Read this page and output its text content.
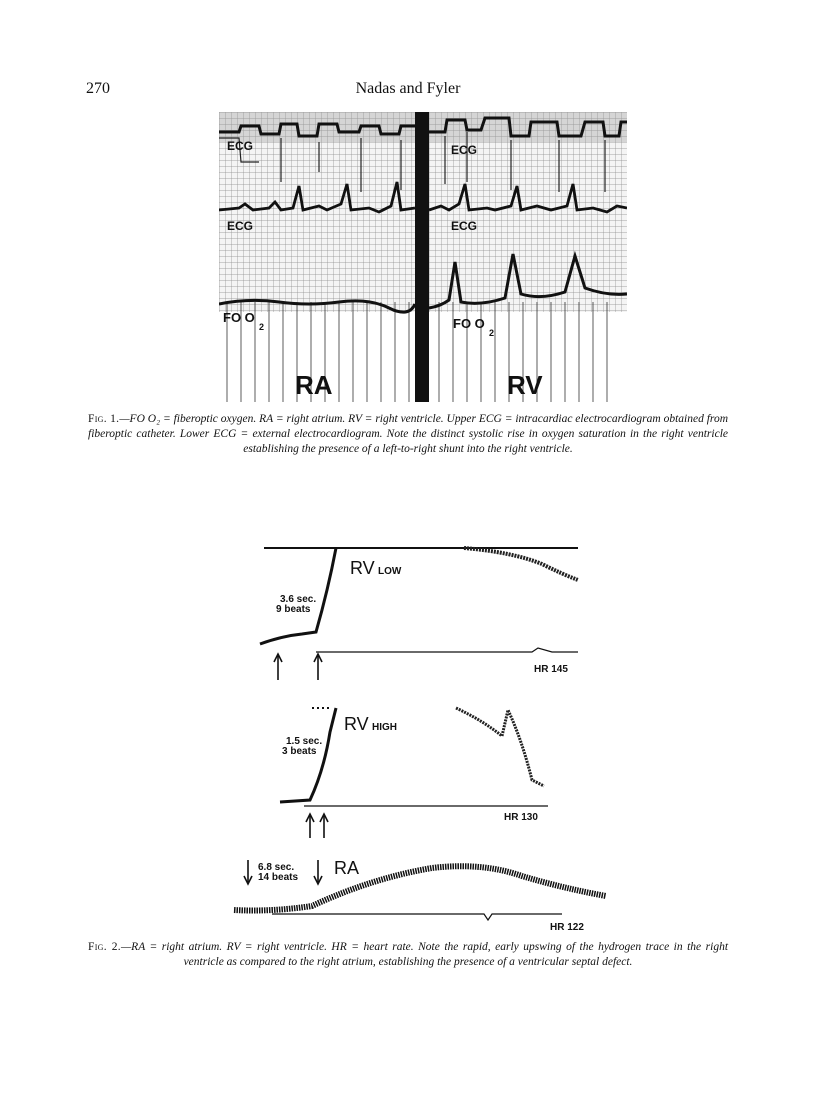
270	Nadas and Fyler
ECG
ECG
FO O
2
ECG
ECG
FO O
2
RA	RV
Fig. 1.—FO O₂ = fiberoptic oxygen. RA = right atrium. RV = right ventricle. Upper ECG = intracardiac electrocardiogram obtained from fiberoptic catheter. Lower ECG = external electrocardiogram. Note the distinct systolic rise in oxygen saturation in the right ventricle establishing the presence of a left-to-right shunt into the right ventricle.
RV LOW
3.6 sec.
9 beats
HR 145
RV HIGH
1.5 sec.
3 beats
HR 130
RA
6.8 sec.
14 beats
HR 122
Fig. 2.—RA = right atrium. RV = right ventricle. HR = heart rate. Note the rapid, early upswing of the hydrogen trace in the right ventricle as compared to the right atrium, establishing the presence of a ventricular septal defect.
